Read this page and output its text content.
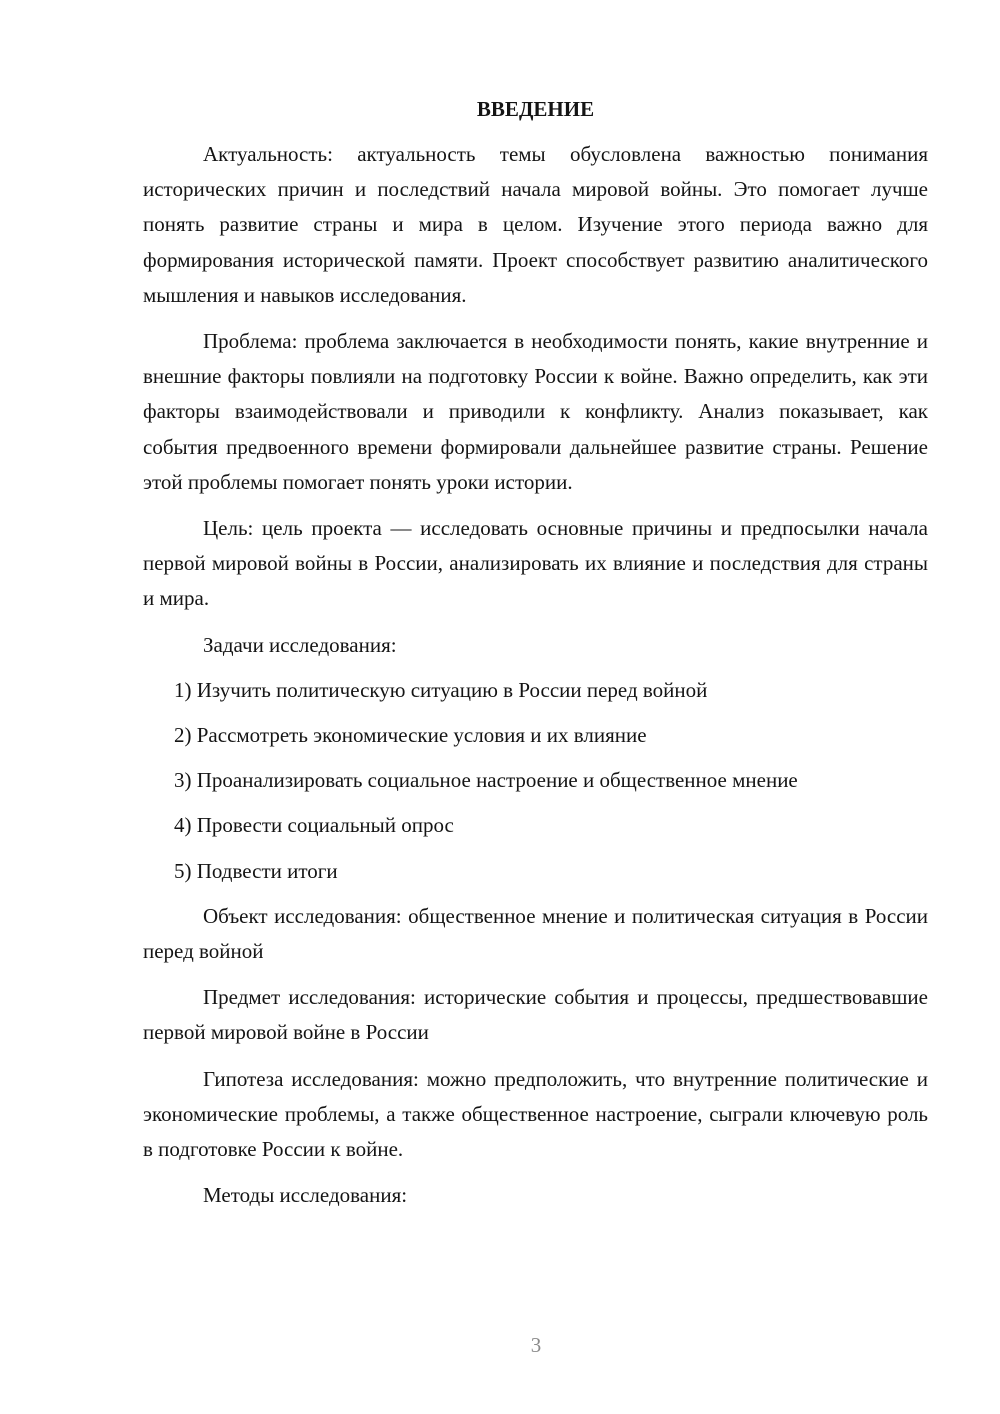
ВВЕДЕНИЕ

Актуальность: актуальность темы обусловлена важностью понимания исторических причин и последствий начала мировой войны. Это помогает лучше понять развитие страны и мира в целом. Изучение этого периода важно для формирования исторической памяти. Проект способствует развитию аналитического мышления и навыков исследования.

Проблема: проблема заключается в необходимости понять, какие внутренние и внешние факторы повлияли на подготовку России к войне. Важно определить, как эти факторы взаимодействовали и приводили к конфликту. Анализ показывает, как события предвоенного времени формировали дальнейшее развитие страны. Решение этой проблемы помогает понять уроки истории.

Цель: цель проекта — исследовать основные причины и предпосылки начала первой мировой войны в России, анализировать их влияние и последствия для страны и мира.

Задачи исследования:

1) Изучить политическую ситуацию в России перед войной
2) Рассмотреть экономические условия и их влияние
3) Проанализировать социальное настроение и общественное мнение
4) Провести социальный опрос
5) Подвести итоги

Объект исследования: общественное мнение и политическая ситуация в России перед войной

Предмет исследования: исторические события и процессы, предшествовавшие первой мировой войне в России

Гипотеза исследования: можно предположить, что внутренние политические и экономические проблемы, а также общественное настроение, сыграли ключевую роль в подготовке России к войне.

Методы исследования:

3
